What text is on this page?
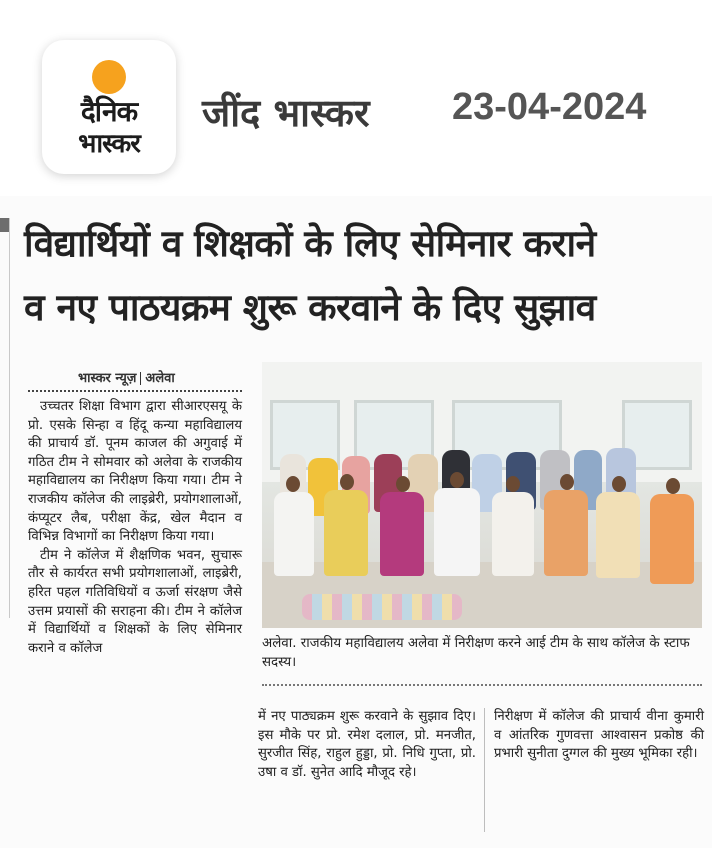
दैनिक
भास्कर
जींद भास्कर 23-04-2024
विद्यार्थियों व शिक्षकों के लिए सेमिनार कराने
व नए पाठयक्रम शुरू करवाने के दिए सुझाव
भास्कर न्यूज़ अलेवा

उच्चतर शिक्षा विभाग द्वारा सीआरएसयू के प्रो. एसके सिन्हा व हिंदू कन्या महाविद्यालय की प्राचार्य डॉ. पूनम काजल की अगुवाई में गठित टीम ने सोमवार को अलेवा के राजकीय महाविद्यालय का निरीक्षण किया गया। टीम ने राजकीय कॉलेज की लाइब्रेरी, प्रयोगशालाओं, कंप्यूटर लैब, परीक्षा केंद्र, खेल मैदान व विभिन्न विभागों का निरीक्षण किया गया।

टीम ने कॉलेज में शैक्षणिक भवन, सुचारू तौर से कार्यरत सभी प्रयोगशालाओं, लाइब्रेरी, हरित पहल गतिविधियों व ऊर्जा संरक्षण जैसे उत्तम प्रयासों की सराहना की। टीम ने कॉलेज में विद्यार्थियों व शिक्षकों के लिए सेमिनार कराने व कॉलेज	अलेवा. राजकीय महाविद्यालय अलेवा में निरीक्षण करने आई टीम के साथ कॉलेज के स्टाफ सदस्य।
में नए पाठ्यक्रम शुरू करवाने के सुझाव दिए। इस मौके पर प्रो. रमेश दलाल, प्रो. मनजीत, सुरजीत सिंह, राहुल हुड्डा, प्रो. निधि गुप्ता, प्रो. उषा व डॉ. सुनेत आदि मौजूद रहे।
निरीक्षण में कॉलेज की प्राचार्य वीना कुमारी व आंतरिक गुणवत्ता आश्वासन प्रकोष्ठ की प्रभारी सुनीता दुग्गल की मुख्य भूमिका रही।
